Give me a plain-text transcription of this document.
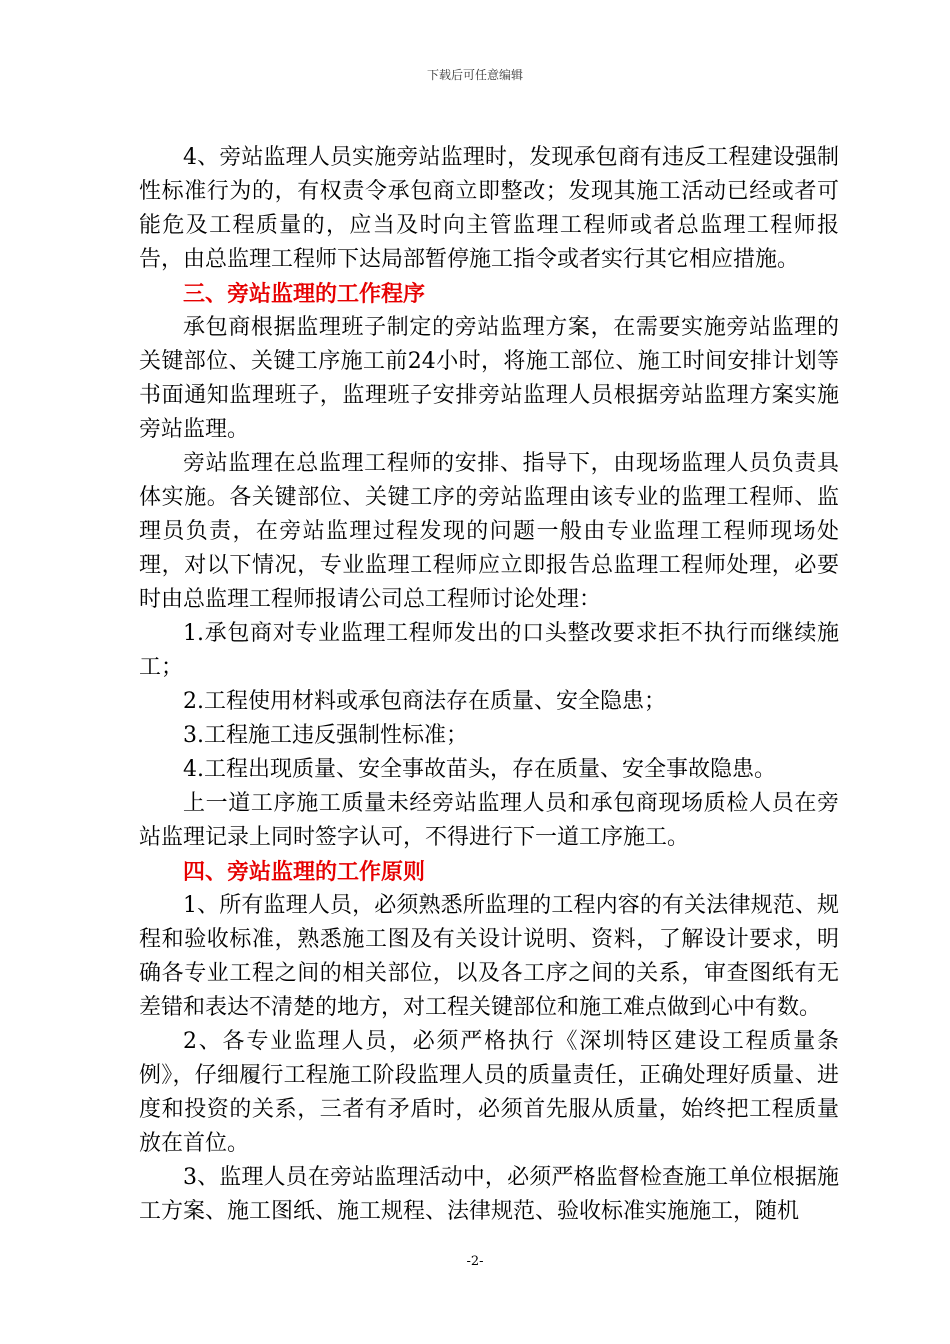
下载后可任意编辑

4、旁站监理人员实施旁站监理时，发现承包商有违反工程建设强制性标准行为的，有权责令承包商立即整改；发现其施工活动已经或者可能危及工程质量的，应当及时向主管监理工程师或者总监理工程师报告，由总监理工程师下达局部暂停施工指令或者实行其它相应措施。

三、旁站监理的工作程序

承包商根据监理班子制定的旁站监理方案，在需要实施旁站监理的关键部位、关键工序施工前24小时，将施工部位、施工时间安排计划等书面通知监理班子，监理班子安排旁站监理人员根据旁站监理方案实施旁站监理。

旁站监理在总监理工程师的安排、指导下，由现场监理人员负责具体实施。各关键部位、关键工序的旁站监理由该专业的监理工程师、监理员负责，在旁站监理过程发现的问题一般由专业监理工程师现场处理，对以下情况，专业监理工程师应立即报告总监理工程师处理，必要时由总监理工程师报请公司总工程师讨论处理：

1.承包商对专业监理工程师发出的口头整改要求拒不执行而继续施工；

2.工程使用材料或承包商法存在质量、安全隐患；

3.工程施工违反强制性标准；

4.工程出现质量、安全事故苗头，存在质量、安全事故隐患。

上一道工序施工质量未经旁站监理人员和承包商现场质检人员在旁站监理记录上同时签字认可，不得进行下一道工序施工。

四、旁站监理的工作原则

1、所有监理人员，必须熟悉所监理的工程内容的有关法律规范、规程和验收标准，熟悉施工图及有关设计说明、资料，了解设计要求，明确各专业工程之间的相关部位，以及各工序之间的关系，审查图纸有无差错和表达不清楚的地方，对工程关键部位和施工难点做到心中有数。

2、各专业监理人员，必须严格执行《深圳特区建设工程质量条例》，仔细履行工程施工阶段监理人员的质量责任，正确处理好质量、进度和投资的关系，三者有矛盾时，必须首先服从质量，始终把工程质量放在首位。

3、监理人员在旁站监理活动中，必须严格监督检查施工单位根据施工方案、施工图纸、施工规程、法律规范、验收标准实施施工，随机

-2-
